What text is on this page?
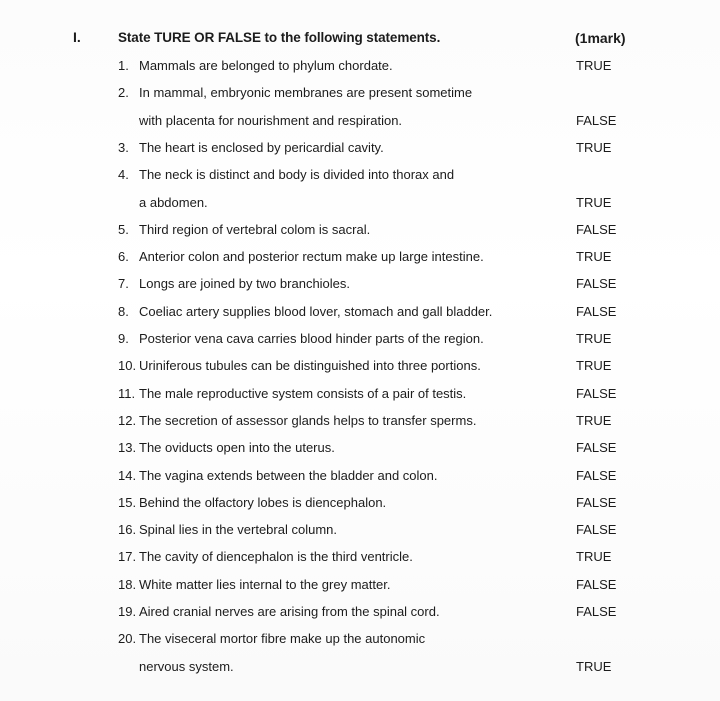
I.	State TURE OR FALSE to the following statements.	(1mark)
1. Mammals are belonged to phylum chordate.	TRUE
2. In mammal, embryonic membranes are present sometime
with placenta for nourishment and respiration.	FALSE
3. The heart is enclosed by pericardial cavity.	TRUE
4. The neck is distinct and body is divided into thorax and
a abdomen.	TRUE
5. Third region of vertebral colom is sacral.	FALSE
6. Anterior colon and posterior rectum make up large intestine.	TRUE
7. Longs are joined by two branchioles.	FALSE
8. Coeliac artery supplies blood lover, stomach and gall bladder.	FALSE
9. Posterior vena cava carries blood hinder parts of the region.	TRUE
10. Uriniferous tubules can be distinguished into three portions.	TRUE
11. The male reproductive system consists of a pair of testis.	FALSE
12. The secretion of assessor glands helps to transfer sperms.	TRUE
13. The oviducts open into the uterus.	FALSE
14. The vagina extends between the bladder and colon.	FALSE
15. Behind the olfactory lobes is diencephalon.	FALSE
16. Spinal lies in the vertebral column.	FALSE
17. The cavity of diencephalon is the third ventricle.	TRUE
18. White matter lies internal to the grey matter.	FALSE
19. Aired cranial nerves are arising from the spinal cord.	FALSE
20. The viseceral mortor fibre make up the autonomic
nervous system.	TRUE
